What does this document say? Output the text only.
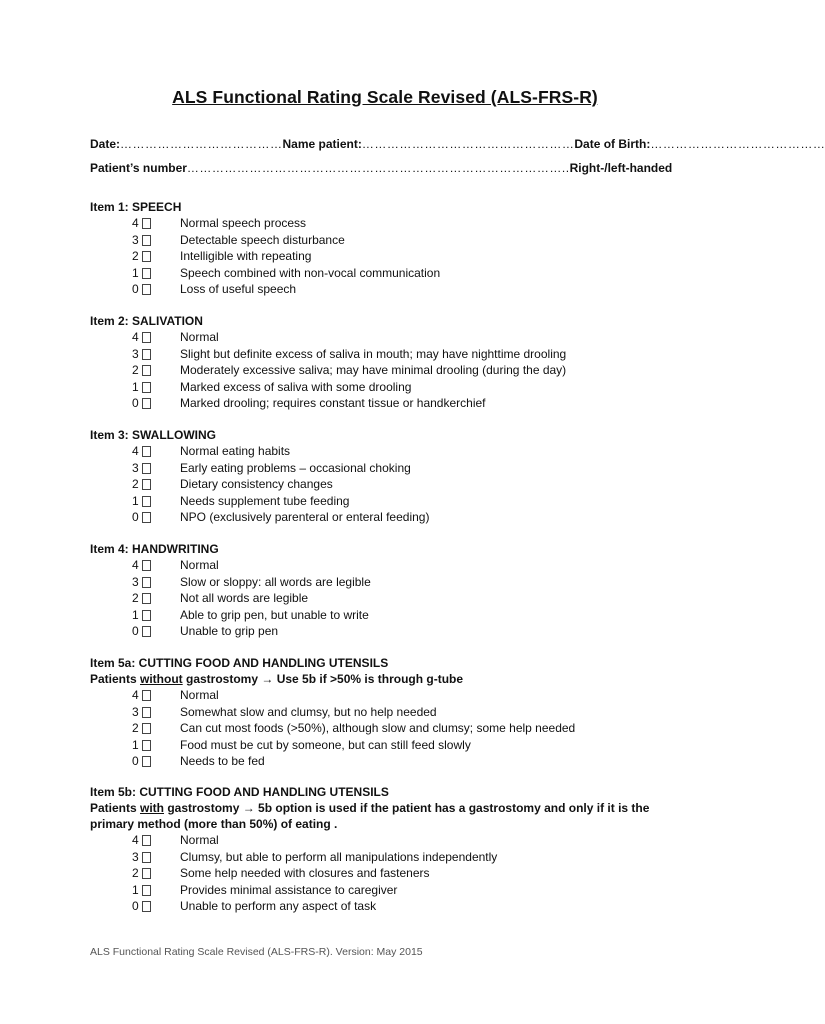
ALS Functional Rating Scale Revised (ALS-FRS-R)
Date:…………………………………Name patient:……………………………………………Date of Birth:……………………………………
Patient’s number………………………………………………………………………………..Right-/left-handed
Item 1: SPEECH
4	Normal speech process
3	Detectable speech disturbance
2	Intelligible with repeating
1	Speech combined with non-vocal communication
0	Loss of useful speech
Item 2: SALIVATION
4	Normal
3	Slight but definite excess of saliva in mouth; may have nighttime drooling
2	Moderately excessive saliva; may have minimal drooling (during the day)
1	Marked excess of saliva with some drooling
0	Marked drooling; requires constant tissue or handkerchief
Item 3: SWALLOWING
4	Normal eating habits
3	Early eating problems – occasional choking
2	Dietary consistency changes
1	Needs supplement tube feeding
0	NPO (exclusively parenteral or enteral feeding)
Item 4: HANDWRITING
4	Normal
3	Slow or sloppy: all words are legible
2	Not all words are legible
1	Able to grip pen, but unable to write
0	Unable to grip pen
Item 5a: CUTTING FOOD AND HANDLING UTENSILS
Patients without gastrostomy → Use 5b if >50% is through g-tube
4	Normal
3	Somewhat slow and clumsy, but no help needed
2	Can cut most foods (>50%), although slow and clumsy; some help needed
1	Food must be cut by someone, but can still feed slowly
0	Needs to be fed
Item 5b: CUTTING FOOD AND HANDLING UTENSILS
Patients with gastrostomy → 5b option is used if the patient has a gastrostomy and only if it is the primary method (more than 50%) of eating .
4	Normal
3	Clumsy, but able to perform all manipulations independently
2	Some help needed with closures and fasteners
1	Provides minimal assistance to caregiver
0	Unable to perform any aspect of task
ALS Functional Rating Scale Revised (ALS-FRS-R). Version: May 2015
